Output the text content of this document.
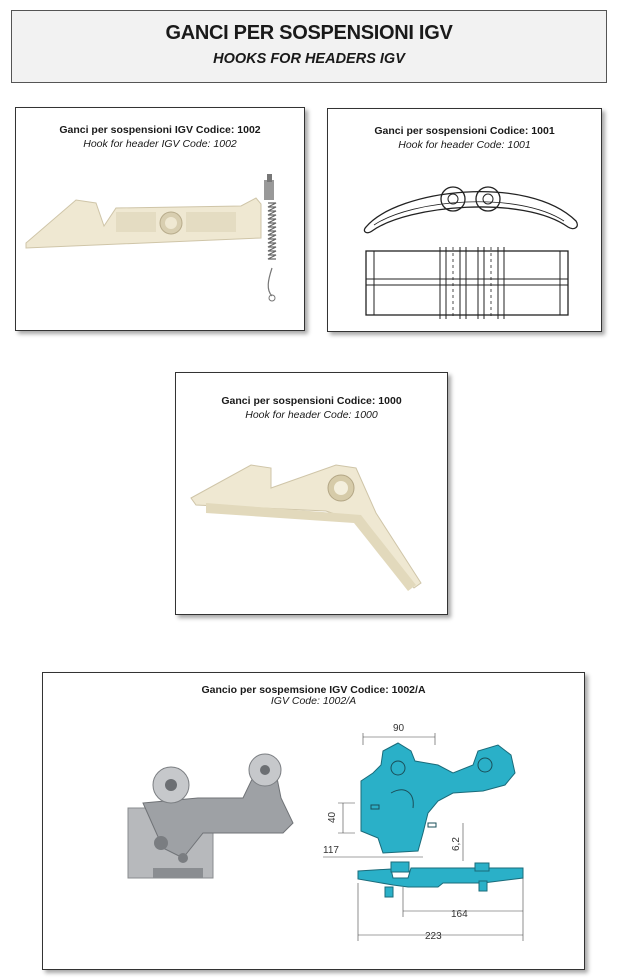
GANCI PER SOSPENSIONI IGV
HOOKS FOR HEADERS IGV
Ganci per sospensioni IGV Codice: 1002
Hook for header IGV Code: 1002
Ganci per sospensioni Codice: 1001
Hook for header Code: 1001
Ganci per sospensioni Codice: 1000
Hook for header Code: 1000
Gancio per sospemsione IGV Codice: 1002/A
IGV Code: 1002/A
90
40
6,2
117
164
223
